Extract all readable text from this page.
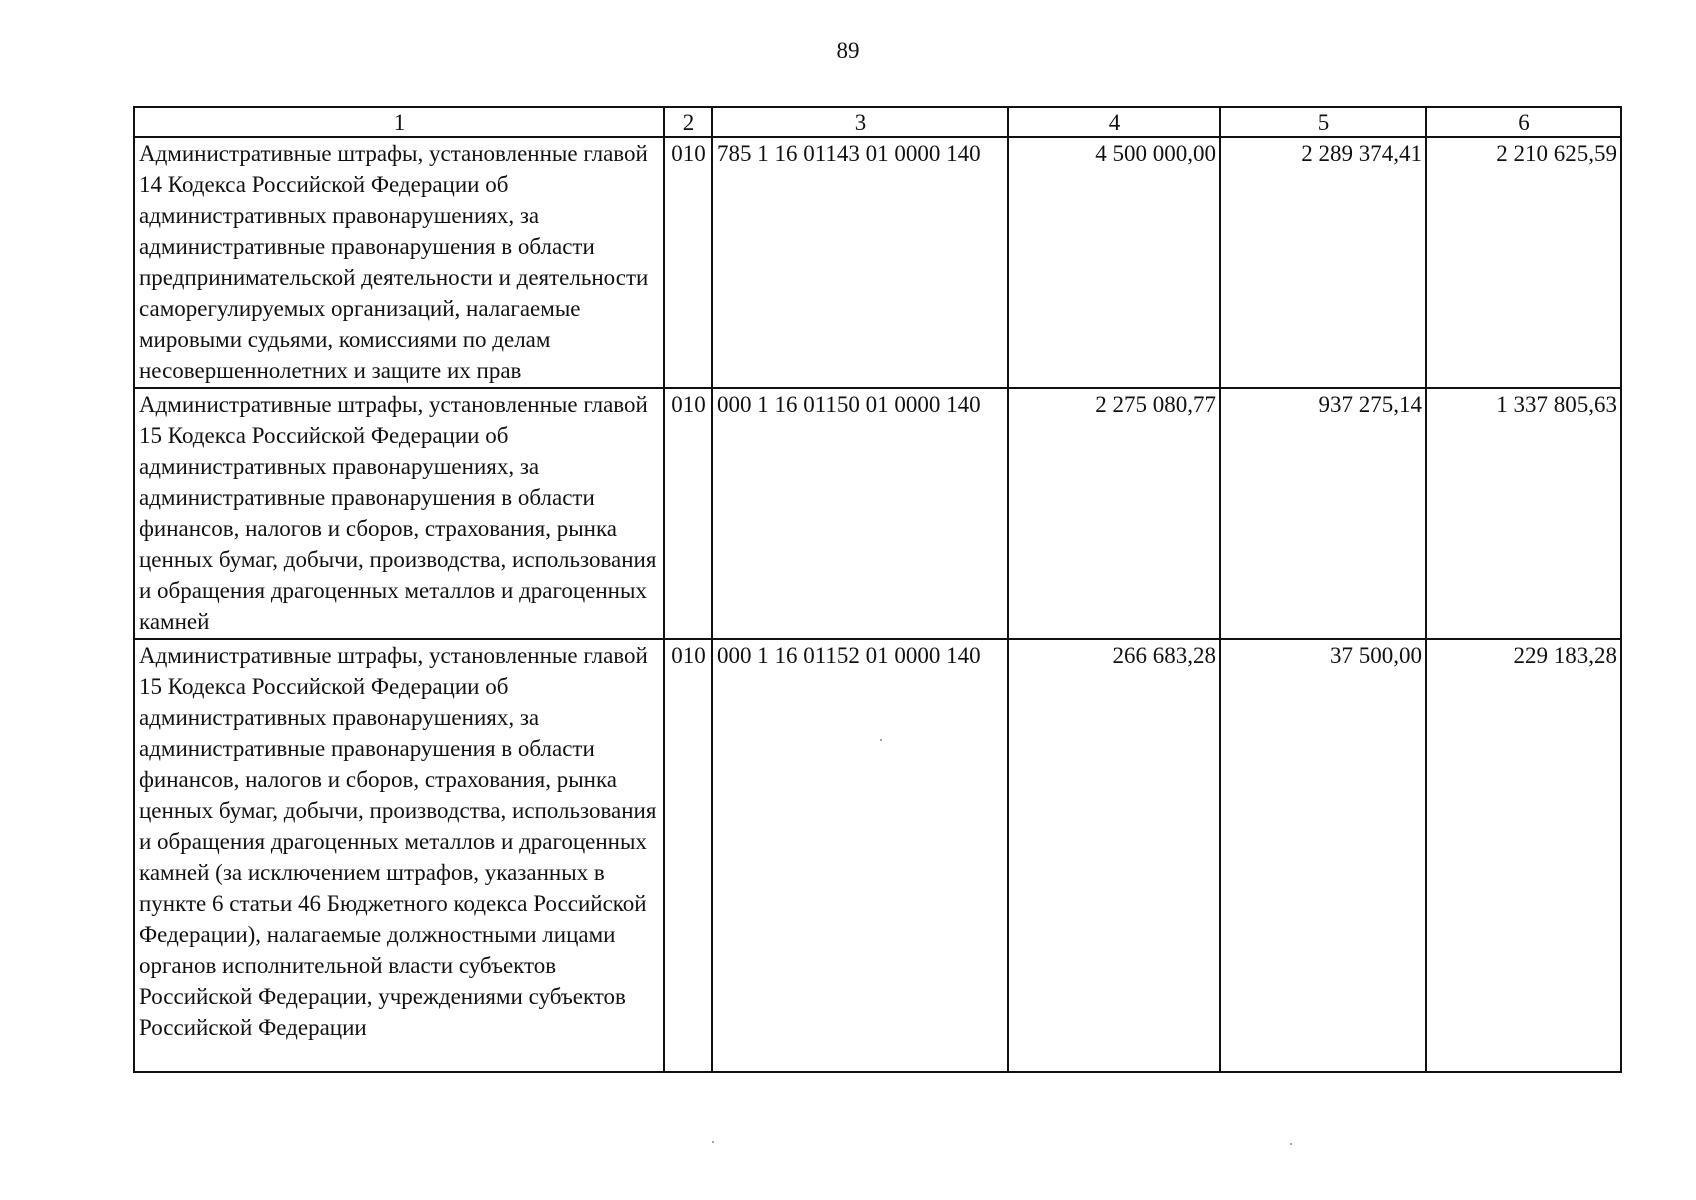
89
1	2	3	4	5	6
Административные штрафы, установленные главой 14 Кодекса Российской Федерации об административных правонарушениях, за административные правонарушения в области предпринимательской деятельности и деятельности саморегулируемых организаций, налагаемые мировыми судьями, комиссиями по делам несовершеннолетних и защите их прав	010	785 1 16 01143 01 0000 140	4 500 000,00	2 289 374,41	2 210 625,59
Административные штрафы, установленные главой 15 Кодекса Российской Федерации об административных правонарушениях, за административные правонарушения в области финансов, налогов и сборов, страхования, рынка ценных бумаг, добычи, производства, использования и обращения драгоценных металлов и драгоценных камней	010	000 1 16 01150 01 0000 140	2 275 080,77	937 275,14	1 337 805,63
Административные штрафы, установленные главой 15 Кодекса Российской Федерации об административных правонарушениях, за административные правонарушения в области финансов, налогов и сборов, страхования, рынка ценных бумаг, добычи, производства, использования и обращения драгоценных металлов и драгоценных камней (за исключением штрафов, указанных в пункте 6 статьи 46 Бюджетного кодекса Российской Федерации), налагаемые должностными лицами органов исполнительной власти субъектов Российской Федерации, учреждениями субъектов Российской Федерации	010	000 1 16 01152 01 0000 140	266 683,28	37 500,00	229 183,28
